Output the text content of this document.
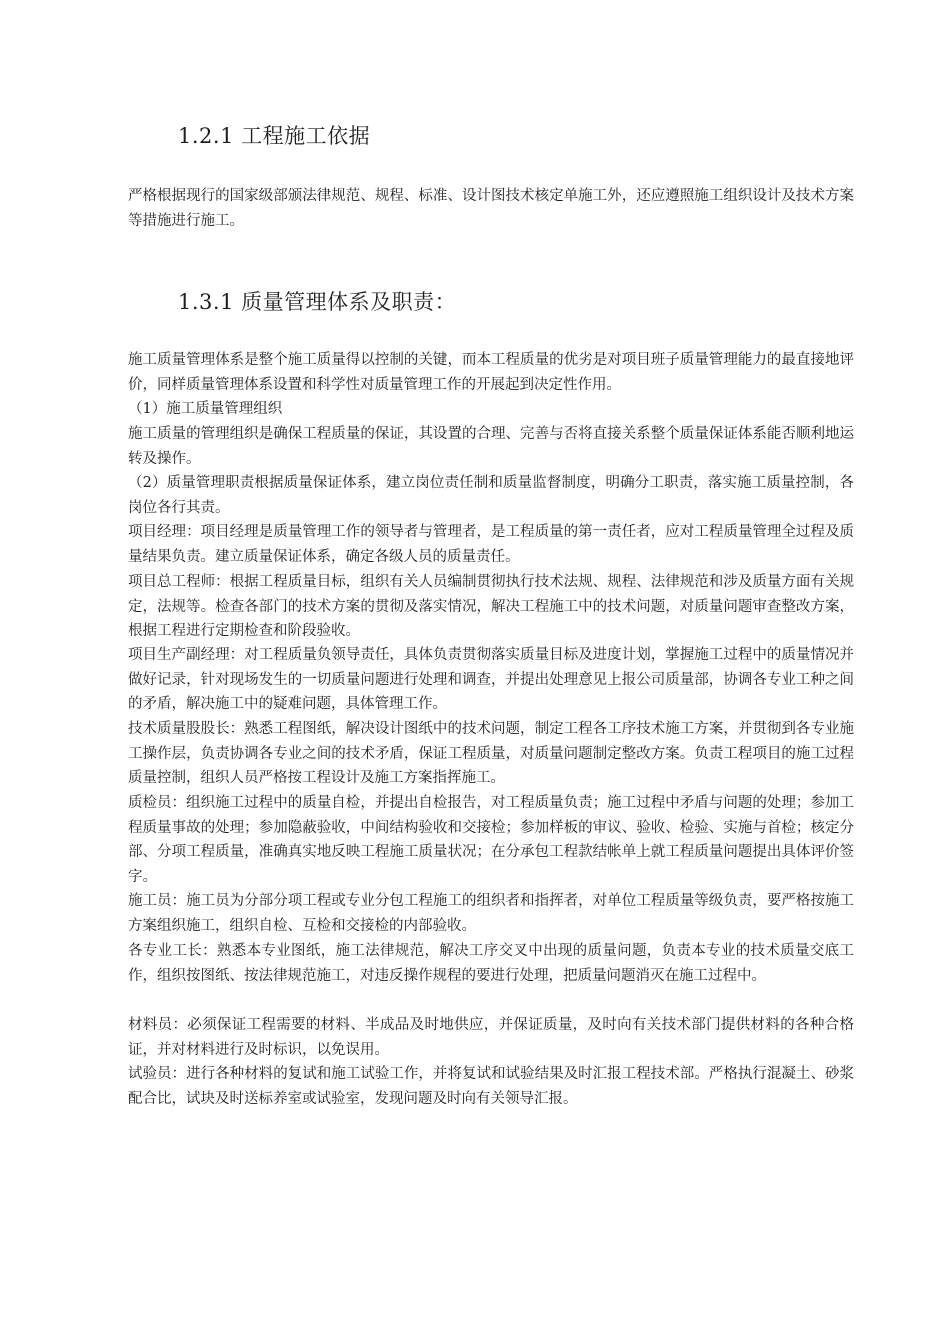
1.2.1 工程施工依据

严格根据现行的国家级部颁法律规范、规程、标准、设计图技术核定单施工外，还应遵照施工组织设计及技术方案等措施进行施工。

1.3.1 质量管理体系及职责：

施工质量管理体系是整个施工质量得以控制的关键，而本工程质量的优劣是对项目班子质量管理能力的最直接地评价，同样质量管理体系设置和科学性对质量管理工作的开展起到决定性作用。

（1）施工质量管理组织

施工质量的管理组织是确保工程质量的保证，其设置的合理、完善与否将直接关系整个质量保证体系能否顺利地运转及操作。

（2）质量管理职责根据质量保证体系，建立岗位责任制和质量监督制度，明确分工职责，落实施工质量控制，各岗位各行其责。

项目经理：项目经理是质量管理工作的领导者与管理者，是工程质量的第一责任者，应对工程质量管理全过程及质量结果负责。建立质量保证体系，确定各级人员的质量责任。

项目总工程师：根据工程质量目标，组织有关人员编制贯彻执行技术法规、规程、法律规范和涉及质量方面有关规定，法规等。检查各部门的技术方案的贯彻及落实情况，解决工程施工中的技术问题，对质量问题审查整改方案，根据工程进行定期检查和阶段验收。

项目生产副经理：对工程质量负领导责任，具体负责贯彻落实质量目标及进度计划，掌握施工过程中的质量情况并做好记录，针对现场发生的一切质量问题进行处理和调查，并提出处理意见上报公司质量部，协调各专业工种之间的矛盾，解决施工中的疑难问题，具体管理工作。

技术质量股股长：熟悉工程图纸，解决设计图纸中的技术问题，制定工程各工序技术施工方案，并贯彻到各专业施工操作层，负责协调各专业之间的技术矛盾，保证工程质量，对质量问题制定整改方案。负责工程项目的施工过程质量控制，组织人员严格按工程设计及施工方案指挥施工。

质检员：组织施工过程中的质量自检，并提出自检报告，对工程质量负责；施工过程中矛盾与问题的处理；参加工程质量事故的处理；参加隐蔽验收，中间结构验收和交接检；参加样板的审议、验收、检验、实施与首检；核定分部、分项工程质量，准确真实地反映工程施工质量状况；在分承包工程款结帐单上就工程质量问题提出具体评价签字。

施工员：施工员为分部分项工程或专业分包工程施工的组织者和指挥者，对单位工程质量等级负责，要严格按施工方案组织施工，组织自检、互检和交接检的内部验收。

各专业工长：熟悉本专业图纸，施工法律规范，解决工序交叉中出现的质量问题，负责本专业的技术质量交底工作，组织按图纸、按法律规范施工，对违反操作规程的要进行处理，把质量问题消灭在施工过程中。

材料员：必须保证工程需要的材料、半成品及时地供应，并保证质量，及时向有关技术部门提供材料的各种合格证，并对材料进行及时标识，以免误用。

试验员：进行各种材料的复试和施工试验工作，并将复试和试验结果及时汇报工程技术部。严格执行混凝土、砂浆配合比，试块及时送标养室或试验室，发现问题及时向有关领导汇报。
